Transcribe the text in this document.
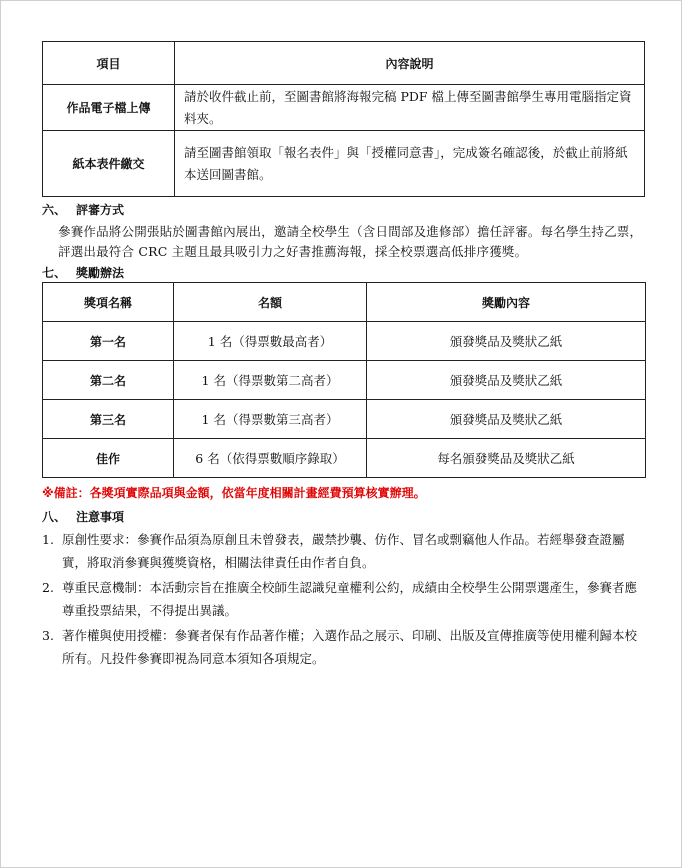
項目	內容說明
作品電子檔上傳	請於收件截止前，至圖書館將海報完稿 PDF 檔上傳至圖書館學生專用電腦指定資料夾。
紙本表件繳交	請至圖書館領取「報名表件」與「授權同意書」，完成簽名確認後，於截止前將紙本送回圖書館。
六、 評審方式
參賽作品將公開張貼於圖書館內展出，邀請全校學生（含日間部及進修部）擔任評審。每名學生持乙票，評選出最符合 CRC 主題且最具吸引力之好書推薦海報，採全校票選高低排序獲獎。
七、 獎勵辦法
獎項名稱	名額	獎勵內容
第一名	1 名（得票數最高者）	頒發獎品及獎狀乙紙
第二名	1 名（得票數第二高者）	頒發獎品及獎狀乙紙
第三名	1 名（得票數第三高者）	頒發獎品及獎狀乙紙
佳作	6 名（依得票數順序錄取）	每名頒發獎品及獎狀乙紙
※備註：各獎項實際品項與金額，依當年度相關計畫經費預算核實辦理。
八、 注意事項
1. 原創性要求：參賽作品須為原創且未曾發表，嚴禁抄襲、仿作、冒名或剽竊他人作品。若經舉發查證屬實，將取消參賽與獲獎資格，相關法律責任由作者自負。
2. 尊重民意機制：本活動宗旨在推廣全校師生認識兒童權利公約，成績由全校學生公開票選產生，參賽者應尊重投票結果，不得提出異議。
3. 著作權與使用授權：參賽者保有作品著作權；入選作品之展示、印刷、出版及宣傳推廣等使用權利歸本校所有。凡投件參賽即視為同意本須知各項規定。
